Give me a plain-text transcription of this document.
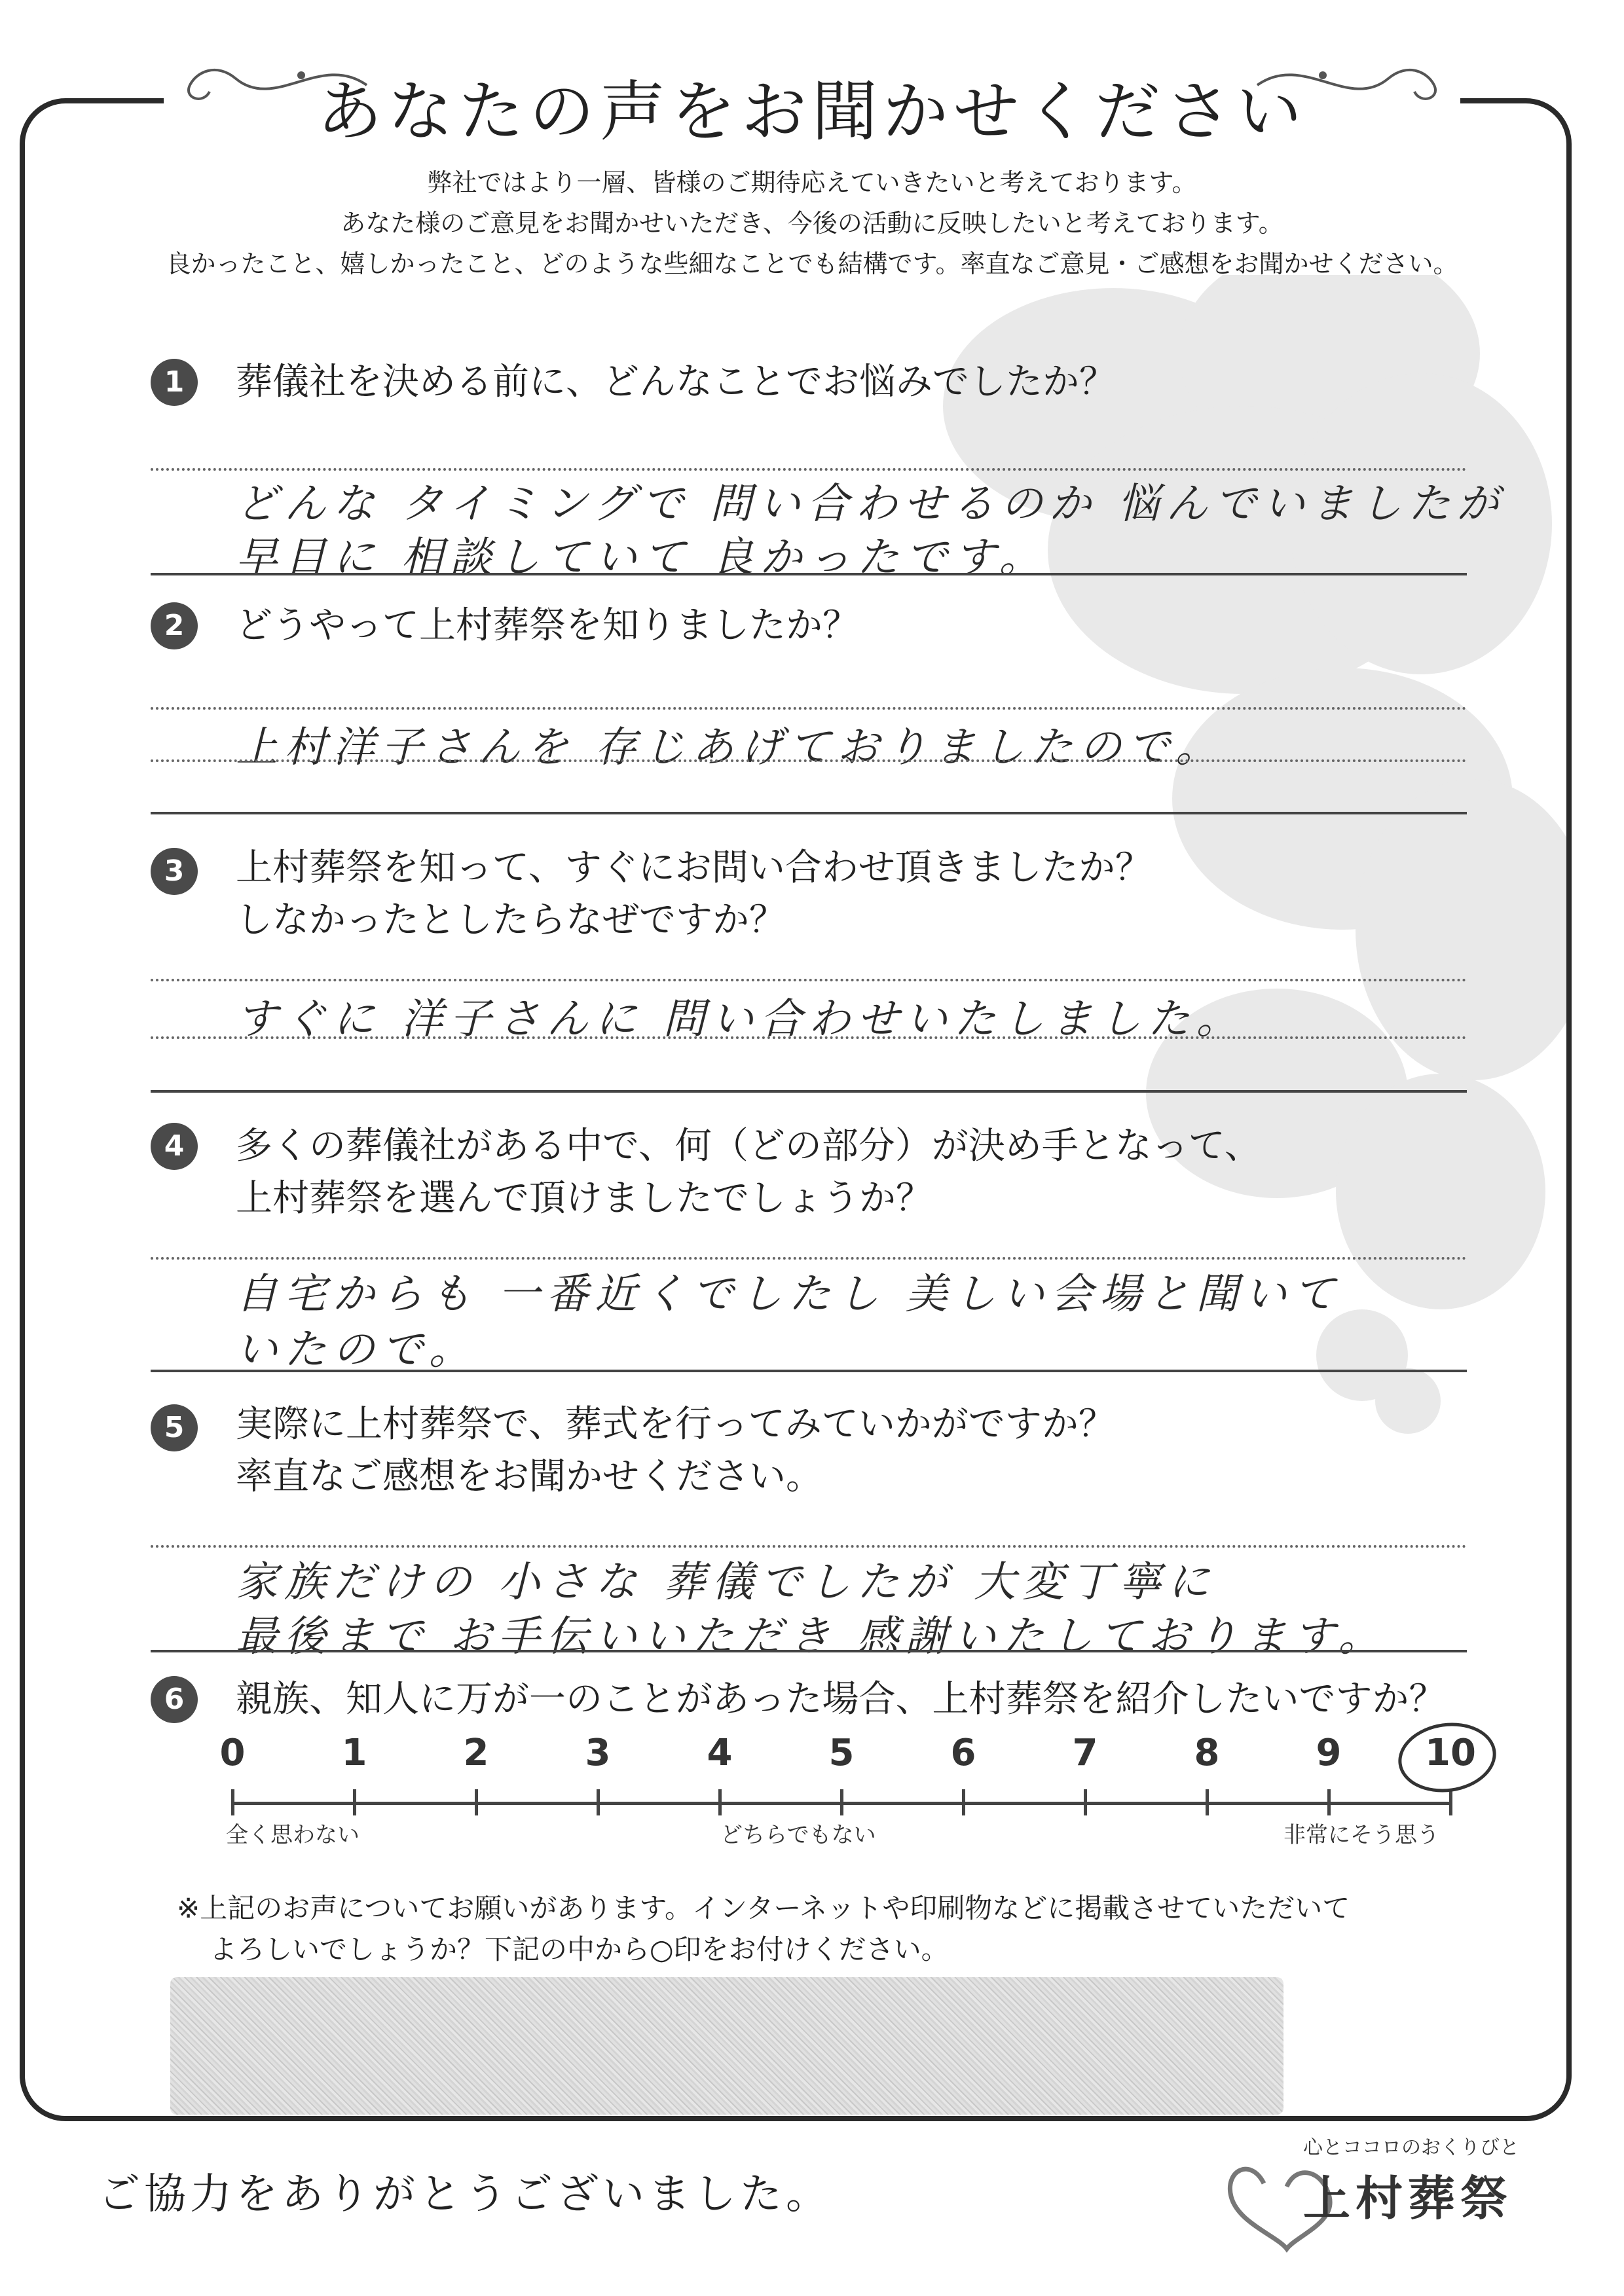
あなたの声をお聞かせください
弊社ではより一層、皆様のご期待応えていきたいと考えております。
あなた様のご意見をお聞かせいただき、今後の活動に反映したいと考えております。
良かったこと、嬉しかったこと、どのような些細なことでも結構です。率直なご意見・ご感想をお聞かせください。
1	葬儀社を決める前に、どんなことでお悩みでしたか？
どんな タイミングで 問い合わせるのか 悩んでいましたが
早目に 相談していて 良かったです。
2	どうやって上村葬祭を知りましたか？
上村洋子さんを 存じあげておりましたので。
3	上村葬祭を知って、すぐにお問い合わせ頂きましたか？
しなかったとしたらなぜですか？
すぐに 洋子さんに 問い合わせいたしました。
4	多くの葬儀社がある中で、何（どの部分）が決め手となって、
上村葬祭を選んで頂けましたでしょうか？
自宅からも 一番近くでしたし 美しい会場と聞いて
いたので。
5	実際に上村葬祭で、葬式を行ってみていかがですか？
率直なご感想をお聞かせください。
家族だけの 小さな 葬儀でしたが 大変丁寧に
最後まで お手伝いいただき 感謝いたしております。
6	親族、知人に万が一のことがあった場合、上村葬祭を紹介したいですか？
0	1	2	3	4	5	6	7	8	9	10
全く思わない	どちらでもない	非常にそう思う
※上記のお声についてお願いがあります。インターネットや印刷物などに掲載させていただいて
よろしいでしょうか？下記の中から○印をお付けください。
ご協力をありがとうございました。
心とココロのおくりびと
上村葬祭
